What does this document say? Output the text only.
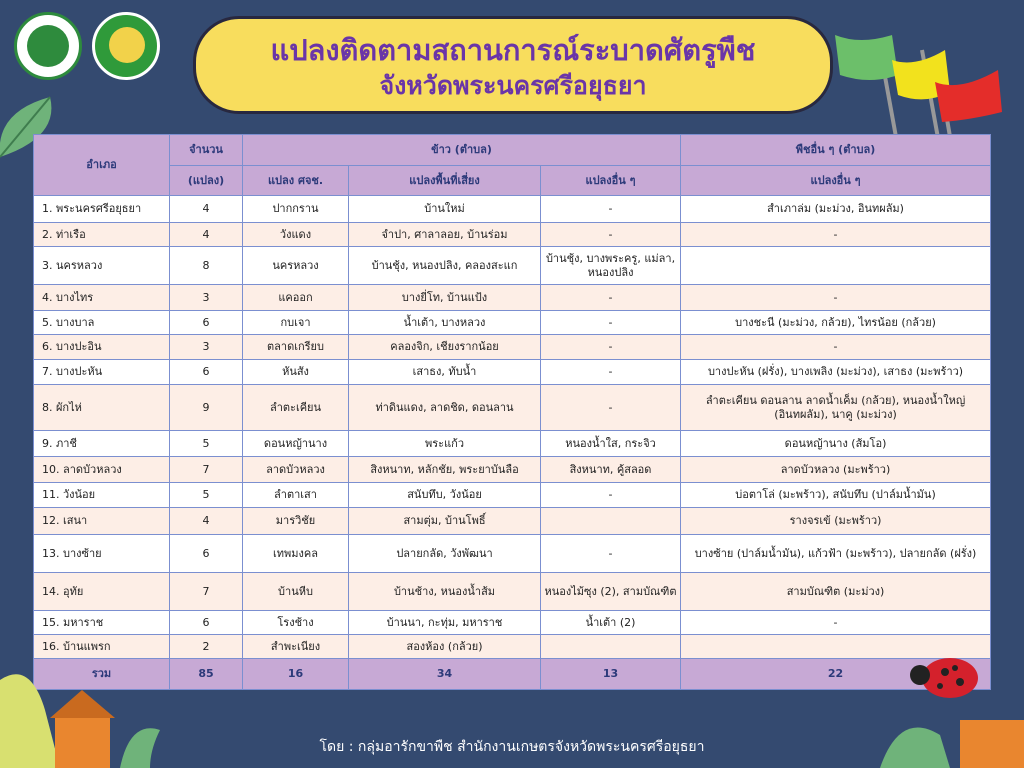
แปลงติดตามสถานการณ์ระบาดศัตรูพืช
จังหวัดพระนครศรีอยุธยา
อำเภอ	จำนวน	ข้าว (ตำบล)			พืชอื่น ๆ (ตำบล)
	(แปลง)	แปลง ศจช.	แปลงพื้นที่เสี่ยง	แปลงอื่น ๆ	แปลงอื่น ๆ
1. พระนครศรีอยุธยา	4	ปากกราน	บ้านใหม่	-	สำเภาล่ม (มะม่วง, อินทผลัม)
2. ท่าเรือ	4	วังแดง	จำปา, ศาลาลอย, บ้านร่อม	-	-
3. นครหลวง	8	นครหลวง	บ้านชุ้ง, หนองปลิง, คลองสะแก	บ้านชุ้ง, บางพระครู, แม่ลา, หนองปลิง	
4. บางไทร	3	แคออก	บางยี่โท, บ้านแป้ง	-	-
5. บางบาล	6	กบเจา	น้ำเต้า, บางหลวง	-	บางชะนี (มะม่วง, กล้วย), ไทรน้อย (กล้วย)
6. บางปะอิน	3	ตลาดเกรียบ	คลองจิก, เชียงรากน้อย	-	-
7. บางปะหัน	6	หันสัง	เสาธง, ทับน้ำ	-	บางปะหัน (ฝรั่ง), บางเพลิง (มะม่วง), เสาธง (มะพร้าว)
8. ผักไห่	9	ลำตะเคียน	ท่าดินแดง, ลาดชิด, ดอนลาน	-	ลำตะเคียน ดอนลาน ลาดน้ำเค็ม (กล้วย), หนองน้ำใหญ่ (อินทผลัม), นาคู (มะม่วง)
9. ภาชี	5	ดอนหญ้านาง	พระแก้ว	หนองน้ำใส, กระจิว	ดอนหญ้านาง (ส้มโอ)
10. ลาดบัวหลวง	7	ลาดบัวหลวง	สิงหนาท, หลักชัย, พระยาบันลือ	สิงหนาท, คู้สลอด	ลาดบัวหลวง (มะพร้าว)
11. วังน้อย	5	ลำตาเสา	สนับทึบ, วังน้อย	-	บ่อตาโล่ (มะพร้าว), สนับทึบ (ปาล์มน้ำมัน)
12. เสนา	4	มารวิชัย	สามตุ่ม, บ้านโพธิ์		รางจรเข้ (มะพร้าว)
13. บางซ้าย	6	เทพมงคล	ปลายกลัด, วังพัฒนา	-	บางซ้าย (ปาล์มน้ำมัน), แก้วฟ้า (มะพร้าว), ปลายกลัด (ฝรั่ง)
14. อุทัย	7	บ้านหีบ	บ้านช้าง, หนองน้ำส้ม	หนองไม้ซุง (2), สามบัณฑิต	สามบัณฑิต (มะม่วง)
15. มหาราช	6	โรงช้าง	บ้านนา, กะทุ่ม, มหาราช	น้ำเต้า (2)	-
16. บ้านแพรก	2	สำพะเนียง	สองห้อง (กล้วย)		
รวม	85	16	34	13	22
โดย : กลุ่มอารักขาพืช สำนักงานเกษตรจังหวัดพระนครศรีอยุธยา
